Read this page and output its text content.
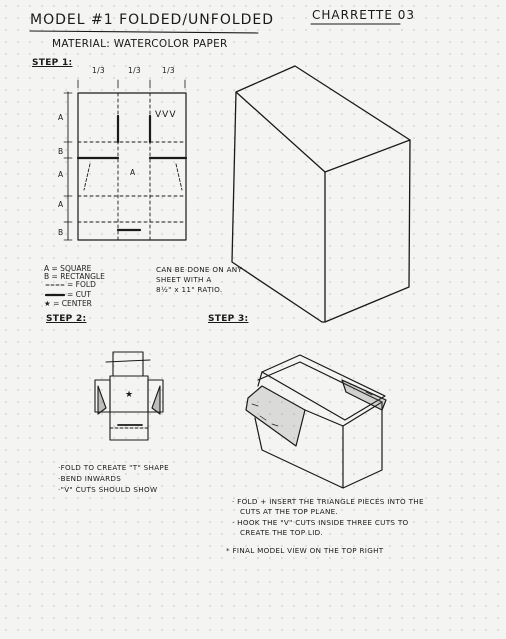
MODEL #1 FOLDED/UNFOLDED	CHARRETTE 03
MATERIAL: WATERCOLOR PAPER
STEP 1:
STEP 2:	STEP 3:
1/3	1/3	1/3
A
B
A
A
B
A
VVV
A = SQUARE
B = RECTANGLE
= FOLD
= CUT
★ = CENTER
CAN BE DONE ON ANY
SHEET WITH A
8½" x 11" RATIO.
★
·FOLD TO CREATE "T" SHAPE
·BEND INWARDS
·"V" CUTS SHOULD SHOW
· FOLD + INSERT THE TRIANGLE PIECES INTO THE
CUTS AT THE TOP PLANE.
· HOOK THE "V" CUTS INSIDE THREE CUTS TO
CREATE THE TOP LID.
* FINAL MODEL VIEW ON THE TOP RIGHT
